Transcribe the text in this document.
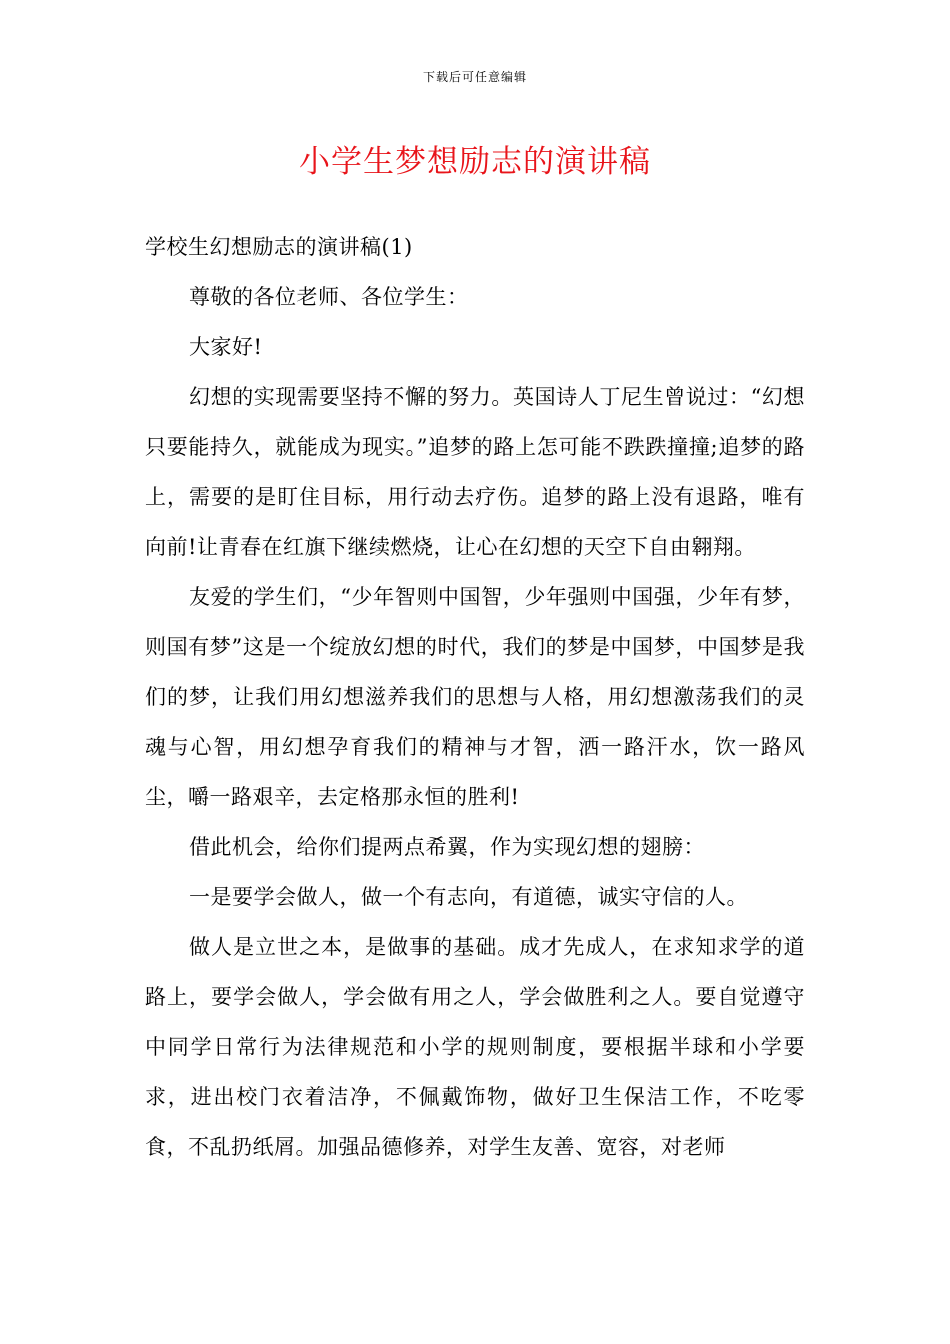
下载后可任意编辑
小学生梦想励志的演讲稿

学校生幻想励志的演讲稿(1)

尊敬的各位老师、各位学生：

大家好!

幻想的实现需要坚持不懈的努力。英国诗人丁尼生曾说过：“幻想只要能持久，就能成为现实。”追梦的路上怎可能不跌跌撞撞;追梦的路上，需要的是盯住目标，用行动去疗伤。追梦的路上没有退路，唯有向前!让青春在红旗下继续燃烧，让心在幻想的天空下自由翱翔。

友爱的学生们，“少年智则中国智，少年强则中国强，少年有梦，则国有梦”这是一个绽放幻想的时代，我们的梦是中国梦，中国梦是我们的梦，让我们用幻想滋养我们的思想与人格，用幻想激荡我们的灵魂与心智，用幻想孕育我们的精神与才智，洒一路汗水，饮一路风尘，嚼一路艰辛，去定格那永恒的胜利!

借此机会，给你们提两点希翼，作为实现幻想的翅膀：

一是要学会做人，做一个有志向，有道德，诚实守信的人。

做人是立世之本，是做事的基础。成才先成人，在求知求学的道路上，要学会做人，学会做有用之人，学会做胜利之人。要自觉遵守中同学日常行为法律规范和小学的规则制度，要根据半球和小学要求，进出校门衣着洁净，不佩戴饰物，做好卫生保洁工作，不吃零食，不乱扔纸屑。加强品德修养，对学生友善、宽容，对老师
